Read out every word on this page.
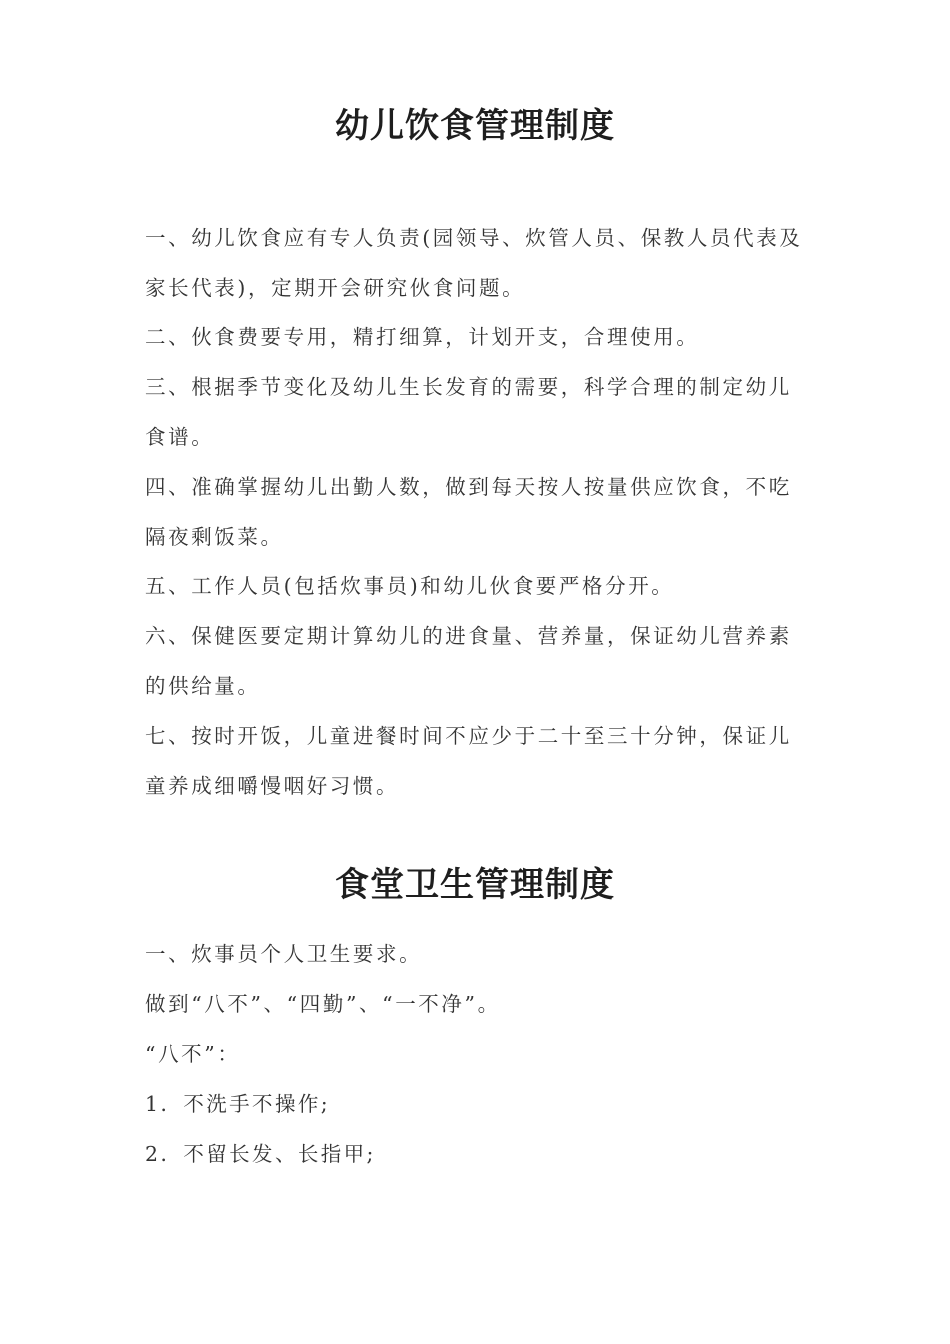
幼儿饮食管理制度
一、幼儿饮食应有专人负责(园领导、炊管人员、保教人员代表及
家长代表)，定期开会研究伙食问题。
二、伙食费要专用，精打细算，计划开支，合理使用。
三、根据季节变化及幼儿生长发育的需要，科学合理的制定幼儿
食谱。
四、准确掌握幼儿出勤人数，做到每天按人按量供应饮食，不吃
隔夜剩饭菜。
五、工作人员(包括炊事员)和幼儿伙食要严格分开。
六、保健医要定期计算幼儿的进食量、营养量，保证幼儿营养素
的供给量。
七、按时开饭，儿童进餐时间不应少于二十至三十分钟，保证儿
童养成细嚼慢咽好习惯。
食堂卫生管理制度
一、炊事员个人卫生要求。
做到“八不”、“四勤”、“一不净”。
“八不”：
1．不洗手不操作;
2．不留长发、长指甲;
